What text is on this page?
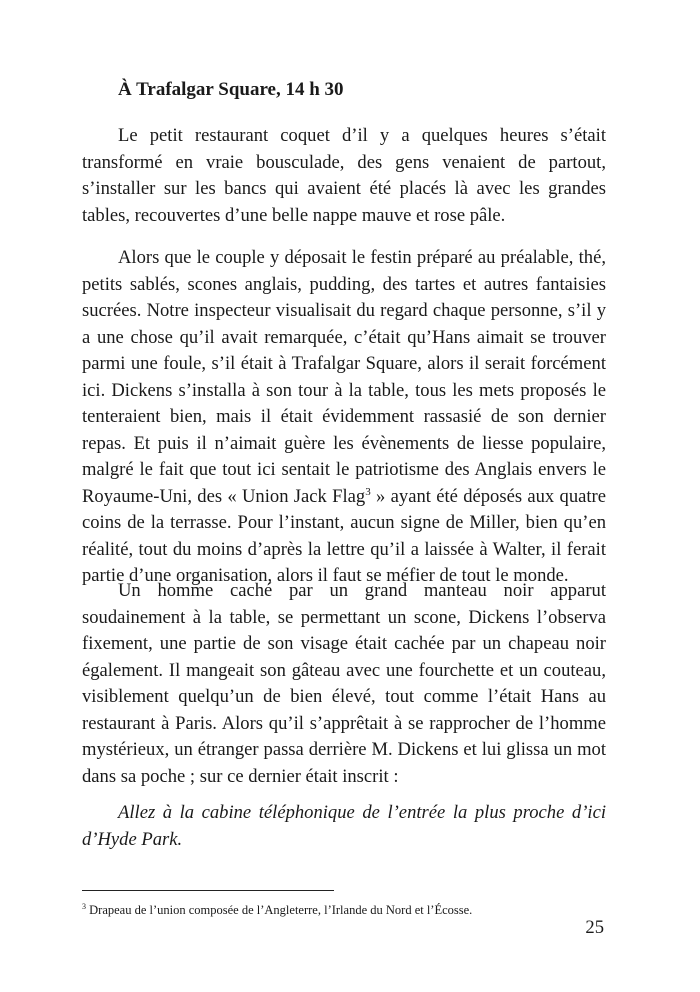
À Trafalgar Square, 14 h 30

Le petit restaurant coquet d’il y a quelques heures s’était transformé en vraie bousculade, des gens venaient de partout, s’installer sur les bancs qui avaient été placés là avec les grandes tables, recouvertes d’une belle nappe mauve et rose pâle.

Alors que le couple y déposait le festin préparé au préalable, thé, petits sablés, scones anglais, pudding, des tartes et autres fantaisies sucrées. Notre inspecteur visualisait du regard chaque personne, s’il y a une chose qu’il avait remarquée, c’était qu’Hans aimait se trouver parmi une foule, s’il était à Trafalgar Square, alors il serait forcément ici. Dickens s’installa à son tour à la table, tous les mets proposés le tenteraient bien, mais il était évidemment rassasié de son dernier repas. Et puis il n’aimait guère les évènements de liesse populaire, malgré le fait que tout ici sentait le patriotisme des Anglais envers le Royaume-Uni, des « Union Jack Flag$^3$ » ayant été déposés aux quatre coins de la terrasse. Pour l’instant, aucun signe de Miller, bien qu’en réalité, tout du moins d’après la lettre qu’il a laissée à Walter, il ferait partie d’une organisation, alors il faut se méfier de tout le monde.

Un homme caché par un grand manteau noir apparut soudainement à la table, se permettant un scone, Dickens l’observa fixement, une partie de son visage était cachée par un chapeau noir également. Il mangeait son gâteau avec une fourchette et un couteau, visiblement quelqu’un de bien élevé, tout comme l’était Hans au restaurant à Paris. Alors qu’il s’apprêtait à se rapprocher de l’homme mystérieux, un étranger passa derrière M. Dickens et lui glissa un mot dans sa poche ; sur ce dernier était inscrit :

Allez à la cabine téléphonique de l’entrée la plus proche d’ici d’Hyde Park.

$^3$ Drapeau de l’union composée de l’Angleterre, l’Irlande du Nord et l’Écosse.

25
